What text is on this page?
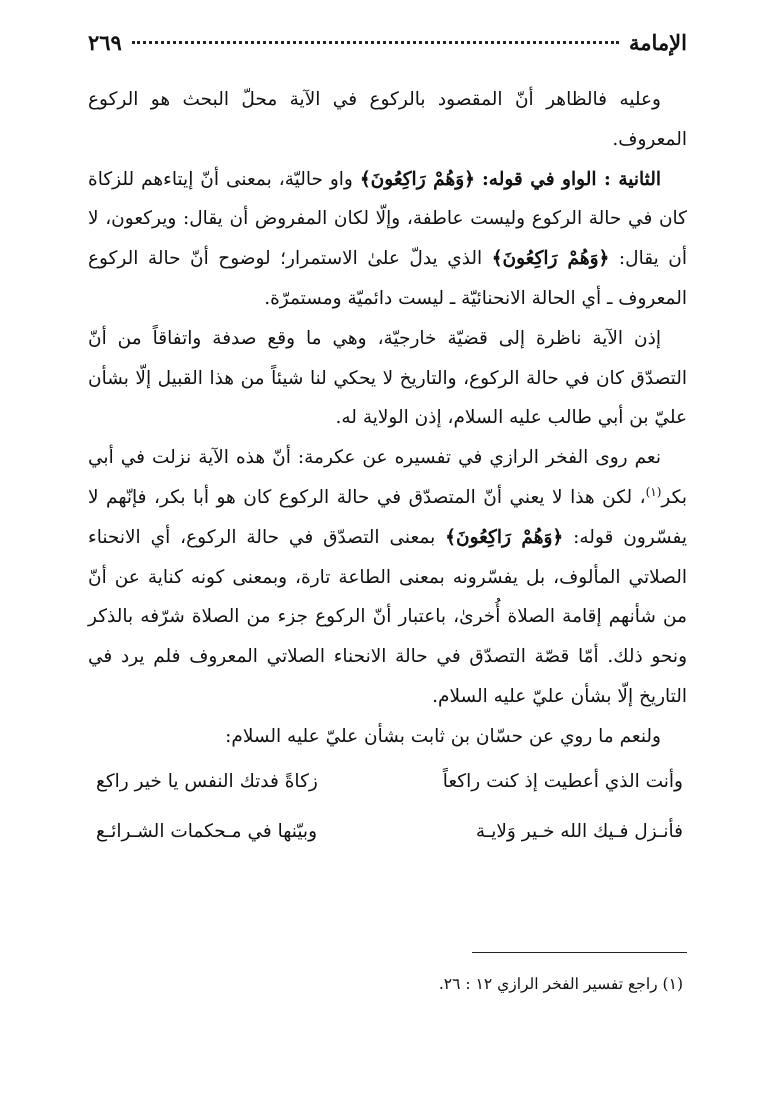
الإمامة
٢٦٩

وعليه فالظاهر أنّ المقصود بالركوع في الآية محلّ البحث هو الركوع المعروف.

الثانية : الواو في قوله: ﴿وَهُمْ رَاكِعُونَ﴾ واو حاليّة، بمعنى أنّ إيتاءهم للزكاة كان في حالة الركوع وليست عاطفة، وإلّا لكان المفروض أن يقال: ويركعون، لا أن يقال: ﴿وَهُمْ رَاكِعُونَ﴾ الذي يدلّ علىٰ الاستمرار؛ لوضوح أنّ حالة الركوع المعروف ـ أي الحالة الانحنائيّة ـ ليست دائميّة ومستمرّة.

إذن الآية ناظرة إلى قضيّة خارجيّة، وهي ما وقع صدفة واتفاقاً من أنّ التصدّق كان في حالة الركوع، والتاريخ لا يحكي لنا شيئاً من هذا القبيل إلّا بشأن عليّ بن أبي طالب عليه السلام، إذن الولاية له.

نعم روى الفخر الرازي في تفسيره عن عكرمة: أنّ هذه الآية نزلت في أبي بكر$^{(١)}$، لكن هذا لا يعني أنّ المتصدّق في حالة الركوع كان هو أبا بكر، فإنّهم لا يفسّرون قوله: ﴿وَهُمْ رَاكِعُونَ﴾ بمعنى التصدّق في حالة الركوع، أي الانحناء الصلاتي المألوف، بل يفسّرونه بمعنى الطاعة تارة، وبمعنى كونه كناية عن أنّ من شأنهم إقامة الصلاة أُخرىٰ، باعتبار أنّ الركوع جزء من الصلاة شرّفه بالذكر ونحو ذلك. أمّا قصّة التصدّق في حالة الانحناء الصلاتي المعروف فلم يرد في التاريخ إلّا بشأن عليّ عليه السلام.

ولنعم ما روي عن حسّان بن ثابت بشأن عليّ عليه السلام:

وأنت الذي أعطيت إذ كنت راكعاً
زكاةً فدتك النفس يا خير راكع
فأنـزل فـيك الله خـير وَلايـة
وبيّنها في مـحكمات الشـرائـع
(١) راجع تفسير الفخر الرازي ١٢ : ٢٦.
